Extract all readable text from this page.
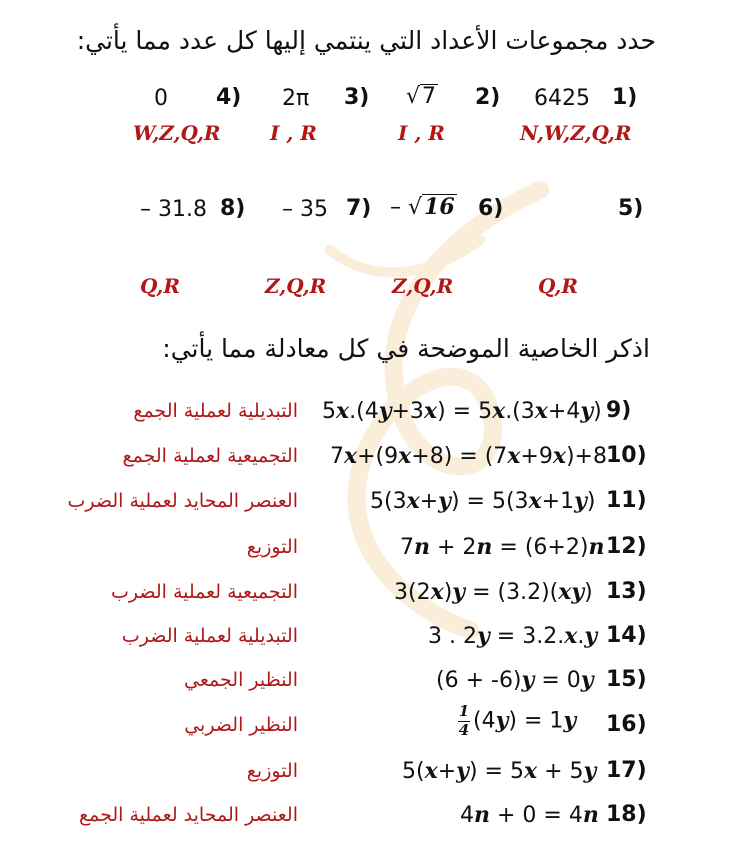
حدد مجموعات الأعداد التي ينتمي إليها كل عدد مما يأتي:
1)
6425
2)
√7
3)
2π
4)
0
N,W,Z,Q,R
I , R
I , R
W,Z,Q,R
5)
6)
– √16
7)
– 35
8)
– 31.8
Q,R
Z,Q,R
Z,Q,R
Q,R
اذكر الخاصية الموضحة في كل معادلة مما يأتي:
9)
5x.(4y+3x) = 5x.(3x+4y)
التبديلية لعملية الجمع
10)
7x+(9x+8) = (7x+9x)+8
التجميعية لعملية الجمع
11)
5(3x+y) = 5(3x+1y)
العنصر المحايد لعملية الضرب
12)
7n + 2n = (6+2)n
التوزيع
13)
3(2x)y = (3.2)(xy)
التجميعية لعملية الضرب
14)
3 . 2y = 3.2.x.y
التبديلية لعملية الضرب
15)
(6 + -6)y = 0y
النظير الجمعي
16)
$\frac{1}{4} (4y) = 1y$
النظير الضربي
17)
5(x+y) = 5x + 5y
التوزيع
18)
4n + 0 = 4n
العنصر المحايد لعملية الجمع
